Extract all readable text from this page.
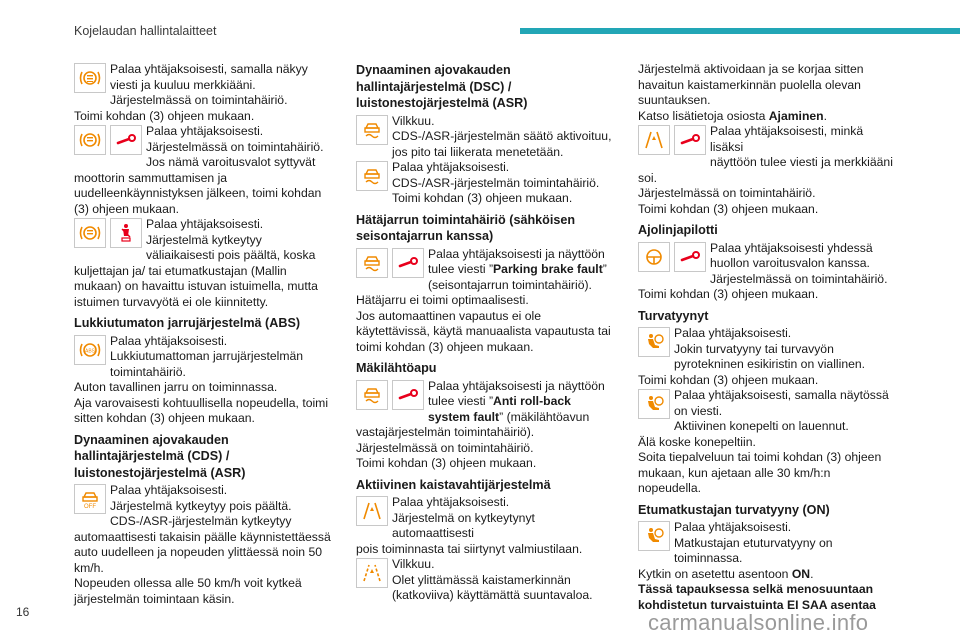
Kojelaudan hallintalaitteet
Palaa yhtäjaksoisesti, samalla näkyy
viesti ja kuuluu merkkiääni.
Järjestelmässä on toimintahäiriö.
Toimi kohdan (3) ohjeen mukaan.
Palaa yhtäjaksoisesti.
Järjestelmässä on toimintahäiriö.
Jos nämä varoitusvalot syttyvät moottorin sammuttamisen ja uudelleenkäynnistyksen jälkeen, toimi kohdan (3) ohjeen mukaan.
Palaa yhtäjaksoisesti.
Järjestelmä kytkeytyy
väliaikaisesti pois päältä, koska kuljettajan ja/ tai etumatkustajan (Mallin mukaan) on havaittu istuvan istuimella, mutta istuimen turvavyötä ei ole kiinnitetty.
Lukkiutumaton jarrujärjestelmä (ABS)
(ABS)
Palaa yhtäjaksoisesti.
Lukkiutumattoman jarrujärjestelmän
toimintahäiriö.
Auton tavallinen jarru on toiminnassa.
Aja varovaisesti kohtuullisella nopeudella, toimi sitten kohdan (3) ohjeen mukaan.
Dynaaminen ajovakauden hallintajärjestelmä (CDS) / luistonestojärjestelmä (ASR)
OFF
Palaa yhtäjaksoisesti.
Järjestelmä kytkeytyy pois päältä.
CDS-/ASR-järjestelmän kytkeytyy automaattisesti takaisin päälle käynnistettäessä auto uudelleen ja nopeuden ylittäessä noin 50 km/h.
Nopeuden ollessa alle 50 km/h voit kytkeä järjestelmän toimintaan käsin.
Dynaaminen ajovakauden hallintajärjestelmä (DSC) / luistonestojärjestelmä (ASR)
Vilkkuu.
CDS-/ASR-järjestelmän säätö aktivoituu,
jos pito tai liikerata menetetään.
Palaa yhtäjaksoisesti.
CDS-/ASR-järjestelmän toimintahäiriö.
Toimi kohdan (3) ohjeen mukaan.
Hätäjarrun toimintahäiriö (sähköisen seisontajarrun kanssa)
Palaa yhtäjaksoisesti ja näyttöön
tulee viesti ”Parking brake fault”
(seisontajarrun toimintahäiriö).
Hätäjarru ei toimi optimaalisesti.
Jos automaattinen vapautus ei ole käytettävissä, käytä manuaalista vapautusta tai toimi kohdan (3) ohjeen mukaan.
Mäkilähtöapu
Palaa yhtäjaksoisesti ja näyttöön
tulee viesti ”Anti roll-back system fault” (mäkilähtöavun vastajärjestelmän toimintahäiriö).
Järjestelmässä on toimintahäiriö.
Toimi kohdan (3) ohjeen mukaan.
Aktiivinen kaistavahtijärjestelmä
Palaa yhtäjaksoisesti.
Järjestelmä on kytkeytynyt automaattisesti
pois toiminnasta tai siirtynyt valmiustilaan.
Vilkkuu.
Olet ylittämässä kaistamerkinnän
(katkoviiva) käyttämättä suuntavaloa.
Järjestelmä aktivoidaan ja se korjaa sitten havaitun kaistamerkinnän puolella olevan suuntauksen.
Katso lisätietoja osiosta Ajaminen.
Palaa yhtäjaksoisesti, minkä lisäksi
näyttöön tulee viesti ja merkkiääni
soi.
Järjestelmässä on toimintahäiriö.
Toimi kohdan (3) ohjeen mukaan.
Ajolinjapilotti
Palaa yhtäjaksoisesti yhdessä
huollon varoitusvalon kanssa.
Järjestelmässä on toimintahäiriö.
Toimi kohdan (3) ohjeen mukaan.
Turvatyynyt
Palaa yhtäjaksoisesti.
Jokin turvatyyny tai turvavyön
pyrotekninen esikiristin on viallinen.
Toimi kohdan (3) ohjeen mukaan.
Palaa yhtäjaksoisesti, samalla näytössä
on viesti.
Aktiivinen konepelti on lauennut.
Älä koske konepeltiin.
Soita tiepalveluun tai toimi kohdan (3) ohjeen mukaan, kun ajetaan alle 30 km/h:n nopeudella.
Etumatkustajan turvatyyny (ON)
Palaa yhtäjaksoisesti.
Matkustajan etuturvatyyny on
toiminnassa.
Kytkin on asetettu asentoon ON.
Tässä tapauksessa selkä menosuuntaan kohdistetun turvaistuinta EI SAA asentaa
16	carmanualsonline.info
